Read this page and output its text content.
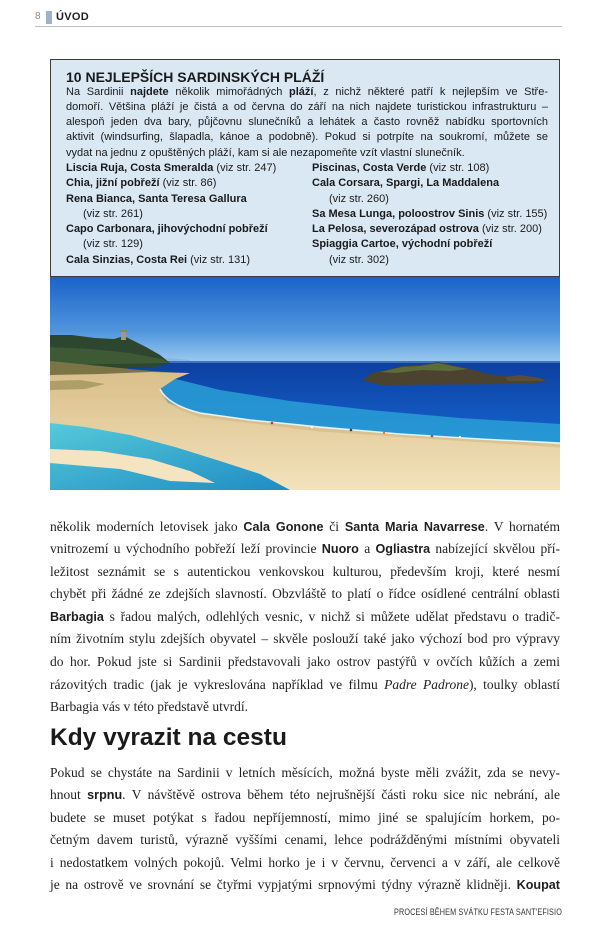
8 ÚVOD
10 NEJLEPŠÍCH SARDINSKÝCH PLÁŽÍ
Na Sardinii najdete několik mimořádných pláží, z nichž některé patří k nejlepším ve Stře-
domoří. Většina pláží je čistá a od června do září na nich najdete turistickou infrastrukturu –
alespoň jeden dva bary, půjčovnu slunečníků a lehátek a často rovněž nabídku sportovních
aktivit (windsurfing, šlapadla, kánoe a podobně). Pokud si potrpíte na soukromí, můžete se
vydat na jednu z opuštěných pláží, kam si ale nezapomeňte vzít vlastní slunečník.
Liscia Ruja, Costa Smeralda (viz str. 247)
Chia, jižní pobřeží (viz str. 86)
Rena Bianca, Santa Teresa Gallura
(viz str. 261)
Capo Carbonara, jihovýchodní pobřeží
(viz str. 129)
Cala Sinzias, Costa Rei (viz str. 131)
Piscinas, Costa Verde (viz str. 108)
Cala Corsara, Spargi, La Maddalena
(viz str. 260)
Sa Mesa Lunga, poloostrov Sinis (viz str. 155)
La Pelosa, severozápad ostrova (viz str. 200)
Spiaggia Cartoe, východní pobřeží
(viz str. 302)
několik moderních letovisek jako Cala Gonone či Santa Maria Navarrese. V hornatém
vnitrozemí u východního pobřeží leží provincie Nuoro a Ogliastra nabízející skvělou pří-
ležitost seznámit se s autentickou venkovskou kulturou, především kroji, které nesmí
chybět při žádné ze zdejších slavností. Obzvláště to platí o řídce osídlené centrální oblasti
Barbagia s řadou malých, odlehlých vesnic, v nichž si můžete udělat představu o tradič-
ním životním stylu zdejších obyvatel – skvěle poslouží také jako výchozí bod pro výpravy
do hor. Pokud jste si Sardinii představovali jako ostrov pastýřů v ovčích kůžích a zemi
rázovitých tradic (jak je vykreslována například ve filmu Padre Padrone), toulky oblastí
Barbagia vás v této představě utvrdí.
Kdy vyrazit na cestu
Pokud se chystáte na Sardinii v letních měsících, možná byste měli zvážit, zda se nevy-
hnout srpnu. V návštěvě ostrova během této nejrušnější části roku sice nic nebrání, ale
budete se muset potýkat s řadou nepříjemností, mimo jiné se spalujícím horkem, po-
četným davem turistů, výrazně vyššími cenami, lehce podrážděnými místními obyvateli
i nedostatkem volných pokojů. Velmi horko je i v červnu, červenci a v září, ale celkově
je na ostrově ve srovnání se čtyřmi vypjatými srpnovými týdny výrazně klidněji. Koupat
PROCESÍ BĚHEM SVÁTKU FESTA SANT'EFISIO
